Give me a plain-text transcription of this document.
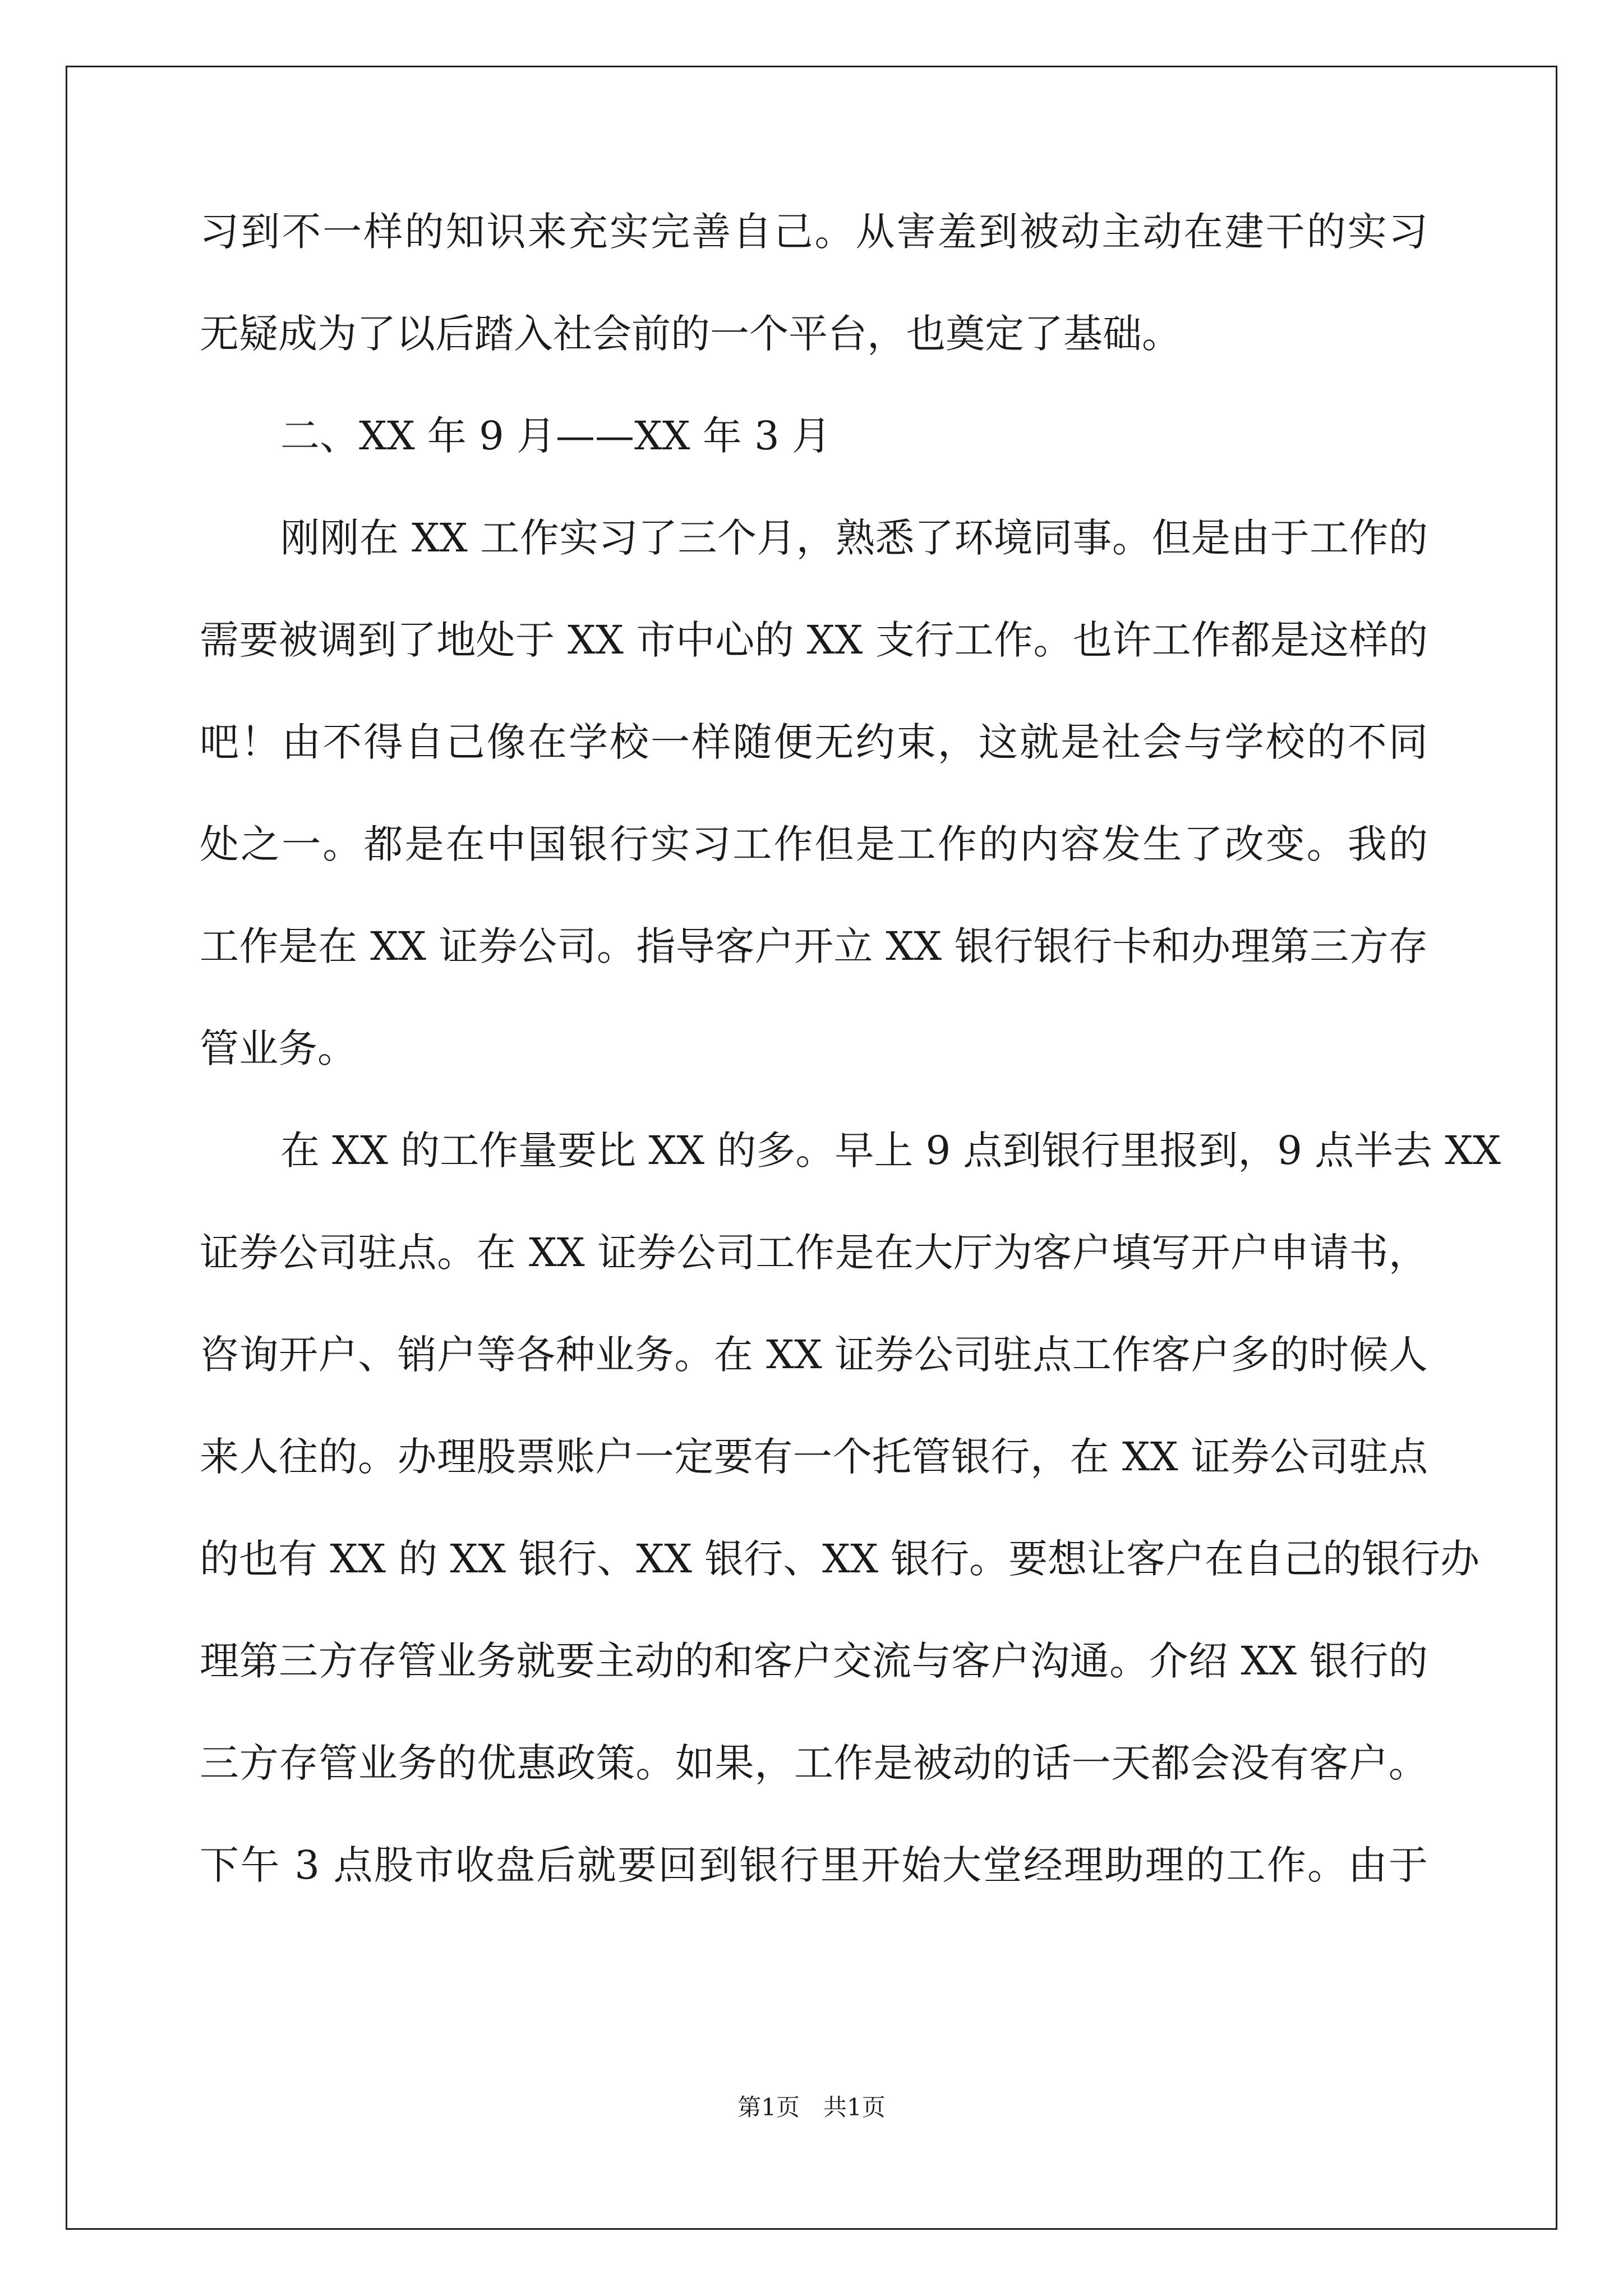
习到不一样的知识来充实完善自己。从害羞到被动主动在建干的实习
无疑成为了以后踏入社会前的一个平台，也奠定了基础。
二、XX 年 9 月——XX 年 3 月
刚刚在 XX 工作实习了三个月，熟悉了环境同事。但是由于工作的
需要被调到了地处于 XX 市中心的 XX 支行工作。也许工作都是这样的
吧！由不得自己像在学校一样随便无约束，这就是社会与学校的不同
处之一。都是在中国银行实习工作但是工作的内容发生了改变。我的
工作是在 XX 证券公司。指导客户开立 XX 银行银行卡和办理第三方存
管业务。
在 XX 的工作量要比 XX 的多。早上 9 点到银行里报到，9 点半去 XX
证券公司驻点。在 XX 证券公司工作是在大厅为客户填写开户申请书，
咨询开户、销户等各种业务。在 XX 证券公司驻点工作客户多的时候人
来人往的。办理股票账户一定要有一个托管银行，在 XX 证券公司驻点
的也有 XX 的 XX 银行、XX 银行、XX 银行。要想让客户在自己的银行办
理第三方存管业务就要主动的和客户交流与客户沟通。介绍 XX 银行的
三方存管业务的优惠政策。如果，工作是被动的话一天都会没有客户。
下午 3 点股市收盘后就要回到银行里开始大堂经理助理的工作。由于
第1页　共1页
